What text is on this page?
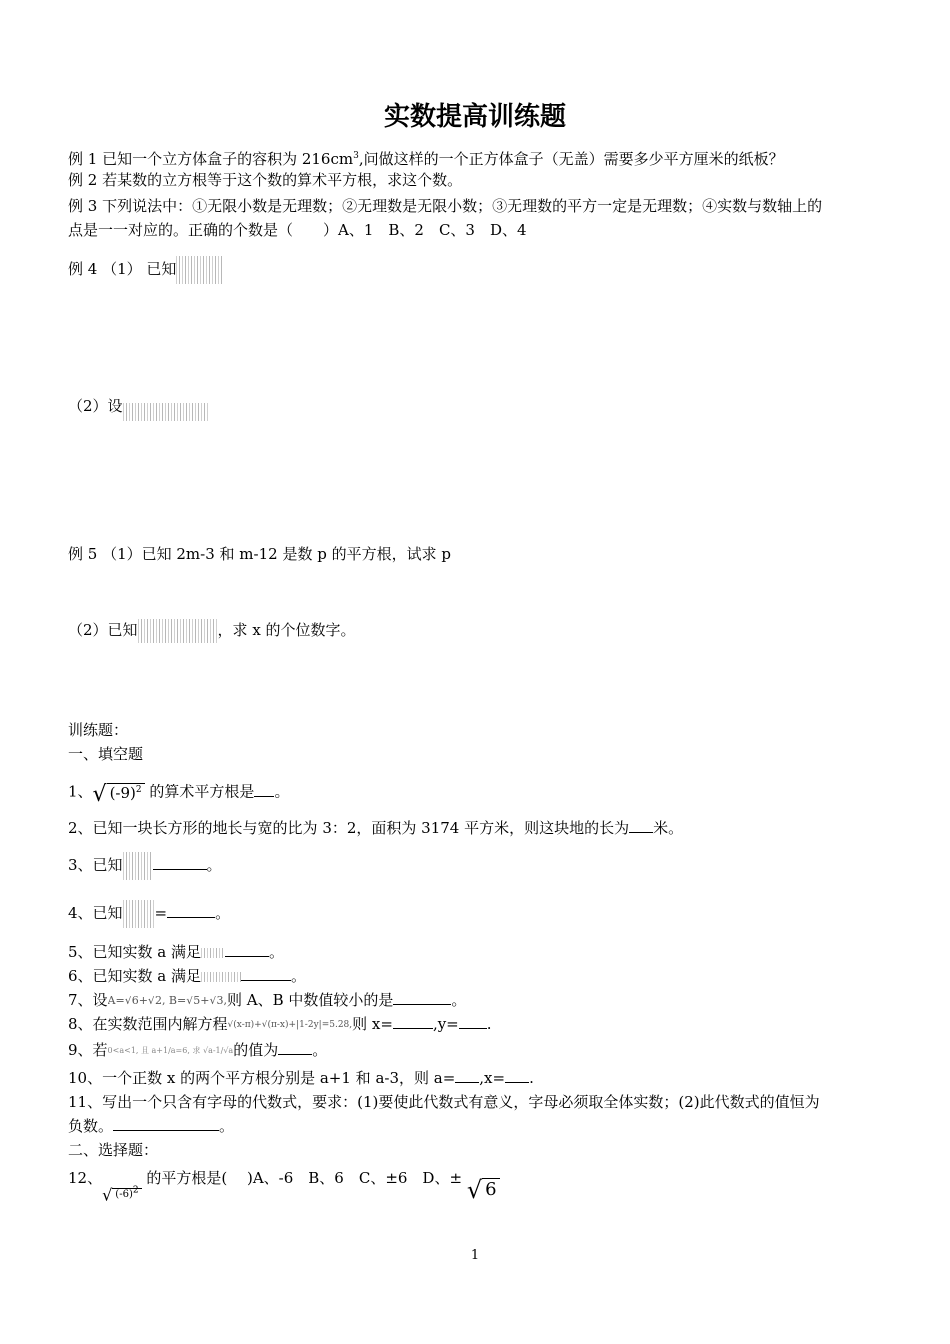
实数提高训练题
例 1 已知一个立方体盒子的容积为 $216cm^3$,问做这样的一个正方体盒子（无盖）需要多少平方厘米的纸板？
例 2 若某数的立方根等于这个数的算术平方根，求这个数。
例 3 下列说法中：①无限小数是无理数；②无理数是无限小数；③无理数的平方一定是无理数；④实数与数轴上的
点是一一对应的。正确的个数是（　　）A、1　B、2　C、3　D、4
例 4 （1） 已知
（2）设
例 5 （1）已知 2m-3 和 m-12 是数 p 的平方根，试求 p
（2）已知	，求 x 的个位数字。
训练题：
一、填空题
1、√ $(-9)^2$ 的算术平方根是 。
2、已知一块长方形的地长与宽的比为 3：2，面积为 3174 平方米，则这块地的长为 米。
3、已知	。
4、已知 =	。
5、已知实数 a 满足	。
6、已知实数 a 满足	。
7、设A=√6+√2, B=√5+√3,则 A、B 中数值较小的是	。
8、在实数范围内解方程√(x-π)+√(π-x)+|1-2y|=5.28,则 x=	,y= .
9、若0<a<1, 且 a+1/a=6, 求 √a-1/√a的值为 。
10、一个正数 x 的两个平方根分别是 a+1 和 a-3，则 a= ,x= .
11、写出一个只含有字母的代数式，要求：(1)要使此代数式有意义，字母必须取全体实数；(2)此代数式的值恒为
负数。	。
二、选择题：
12、√ (-6)2 的平方根是(　 )A、-6　B、6　C、±6　D、± √ 6
1
